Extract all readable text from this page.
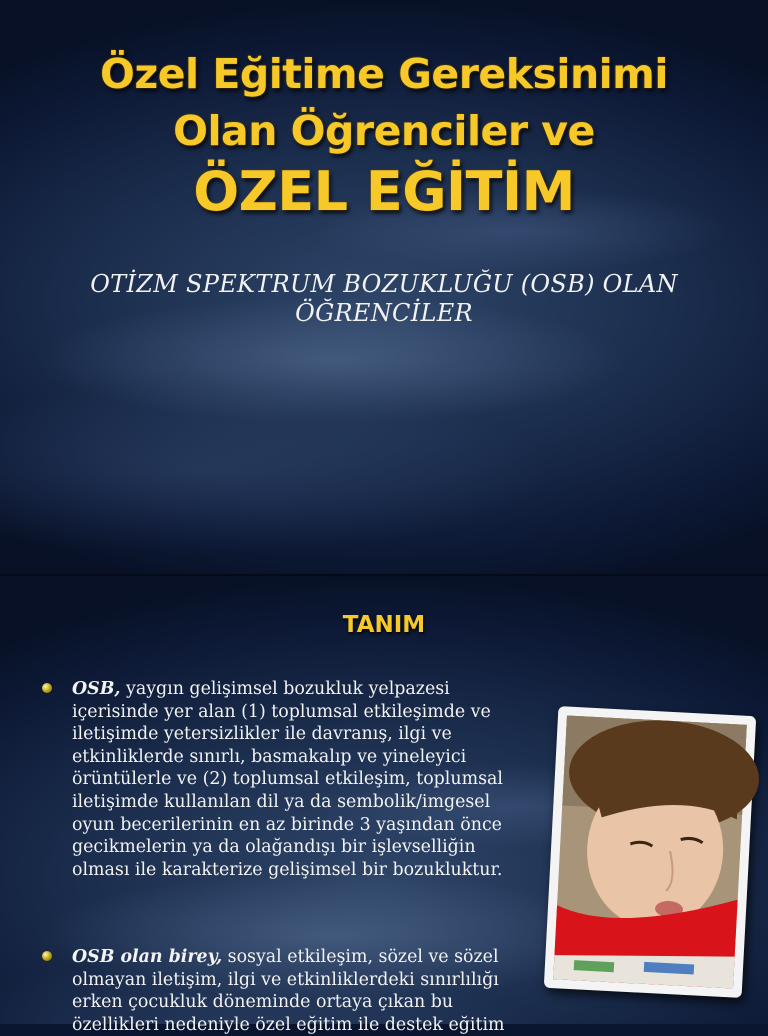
Özel Eğitime Gereksinimi
Olan Öğrenciler ve
ÖZEL EĞİTİM
OTİZM SPEKTRUM BOZUKLUĞU (OSB) OLAN ÖĞRENCİLER
TANIM
OSB, yaygın gelişimsel bozukluk yelpazesi içerisinde yer alan (1) toplumsal etkileşimde ve iletişimde yetersizlikler ile davranış, ilgi ve etkinliklerde sınırlı, basmakalıp ve yineleyici örüntülerle ve (2) toplumsal etkileşim, toplumsal iletişimde kullanılan dil ya da sembolik/imgesel oyun becerilerinin en az birinde 3 yaşından önce gecikmelerin ya da olağandışı bir işlevselliğin olması ile karakterize gelişimsel bir bozukluktur.
OSB olan birey, sosyal etkileşim, sözel ve sözel olmayan iletişim, ilgi ve etkinliklerdeki sınırlılığı erken çocukluk döneminde ortaya çıkan bu özellikleri nedeniyle özel eğitim ile destek eğitim
